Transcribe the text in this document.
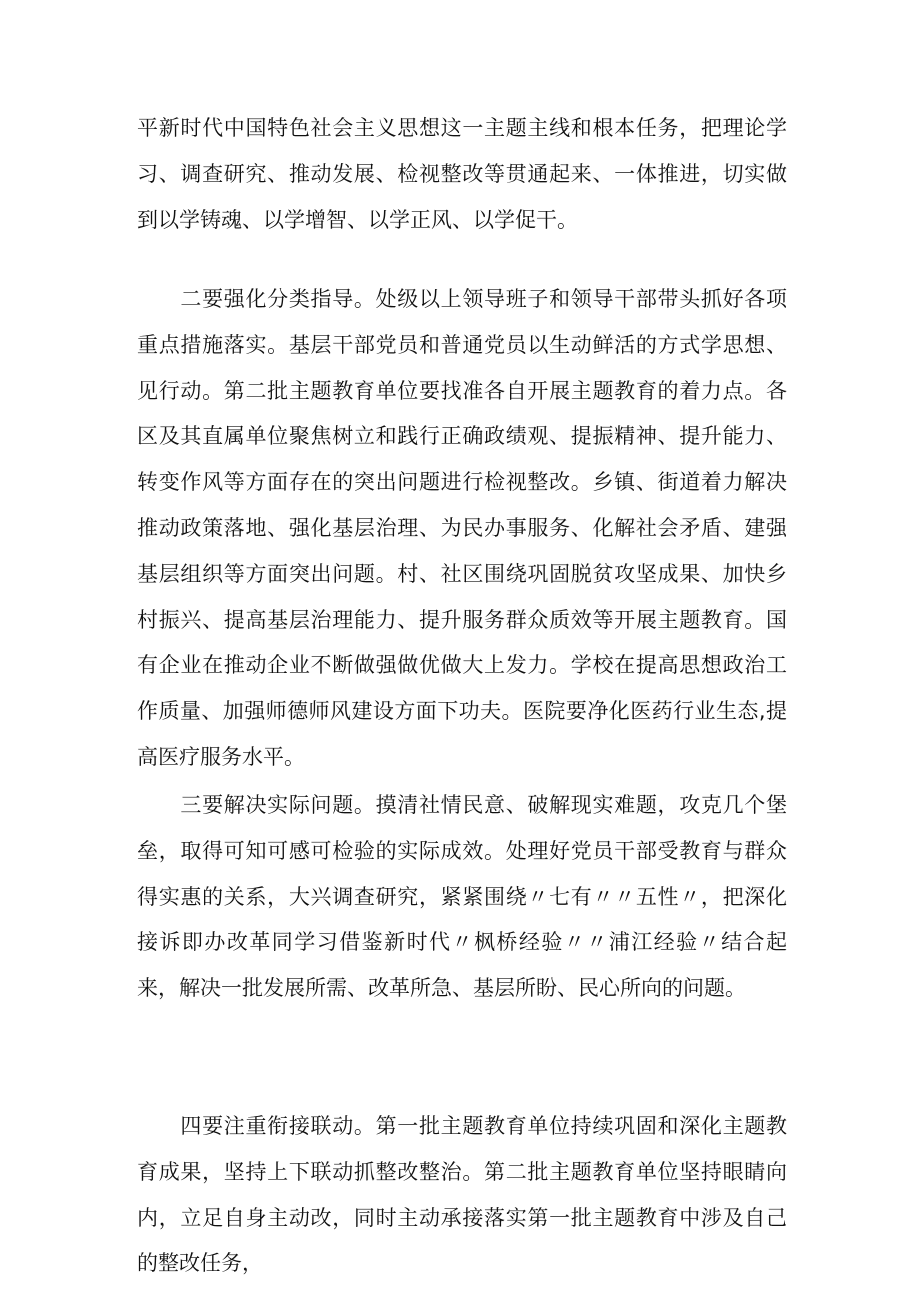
平新时代中国特色社会主义思想这一主题主线和根本任务，把理论学习、调查研究、推动发展、检视整改等贯通起来、一体推进，切实做到以学铸魂、以学增智、以学正风、以学促干。

　　二要强化分类指导。处级以上领导班子和领导干部带头抓好各项重点措施落实。基层干部党员和普通党员以生动鲜活的方式学思想、见行动。第二批主题教育单位要找准各自开展主题教育的着力点。各区及其直属单位聚焦树立和践行正确政绩观、提振精神、提升能力、转变作风等方面存在的突出问题进行检视整改。乡镇、街道着力解决推动政策落地、强化基层治理、为民办事服务、化解社会矛盾、建强基层组织等方面突出问题。村、社区围绕巩固脱贫攻坚成果、加快乡村振兴、提高基层治理能力、提升服务群众质效等开展主题教育。国有企业在推动企业不断做强做优做大上发力。学校在提高思想政治工作质量、加强师德师风建设方面下功夫。医院要净化医药行业生态,提高医疗服务水平。

　　三要解决实际问题。摸清社情民意、破解现实难题，攻克几个堡垒，取得可知可感可检验的实际成效。处理好党员干部受教育与群众得实惠的关系，大兴调查研究，紧紧围绕〃七有〃〃五性〃，把深化接诉即办改革同学习借鉴新时代〃枫桥经验〃〃浦江经验〃结合起来，解决一批发展所需、改革所急、基层所盼、民心所向的问题。

　　四要注重衔接联动。第一批主题教育单位持续巩固和深化主题教育成果，坚持上下联动抓整改整治。第二批主题教育单位坚持眼睛向内，立足自身主动改，同时主动承接落实第一批主题教育中涉及自己的整改任务，
